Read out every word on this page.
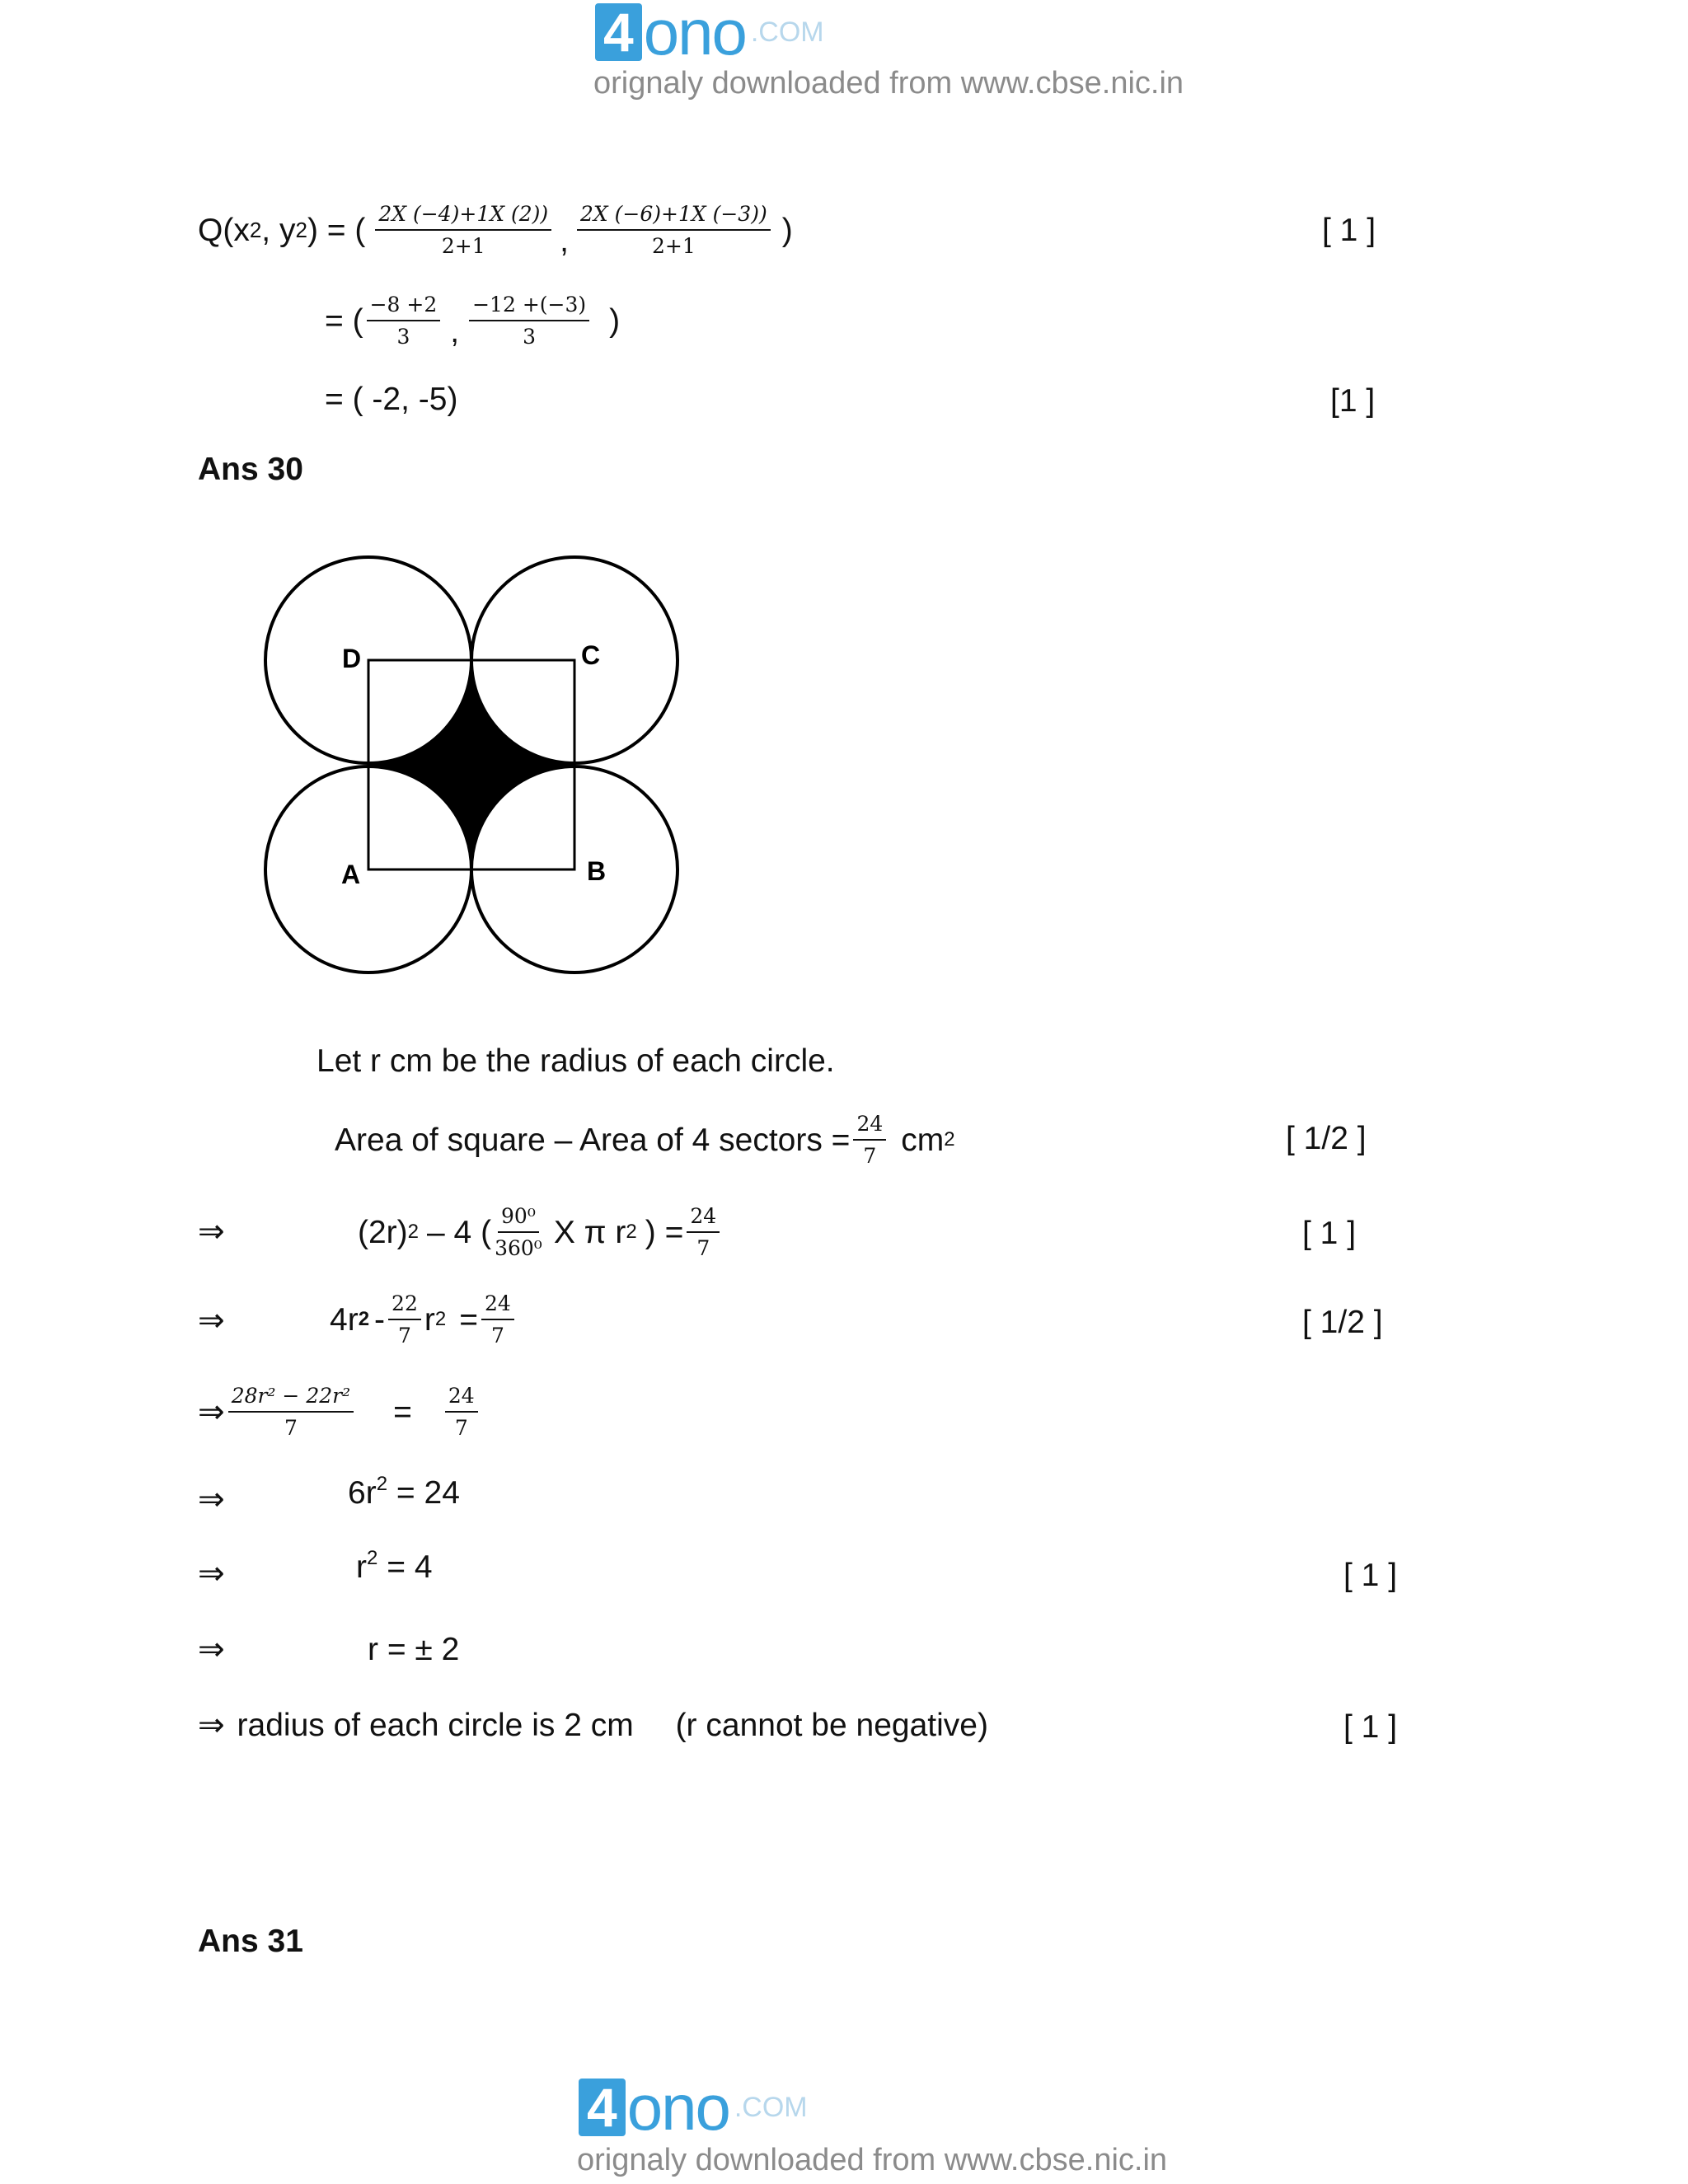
4 ono .COM
orignaly downloaded from www.cbse.nic.in
Q(x 2 , y 2 ) = ( $\frac{2X (-4)+1X (2))}{2+1}$ , $\frac{2X (-6)+1X (-3))}{2+1}$ )	[ 1 ]
= ( $\frac{-8 +2}{3}$ , $\frac{-12 +(-3)}{3}$ )
= ( -2, -5)	[1 ]
Ans 30
D	C
A	B
Let r cm be the radius of each circle.
Area of square – Area of 4 sectors = $\frac{24}{7}$ cm 2	[ 1/2 ]
⇒	(2r) 2 – 4 ( $\frac{\text{90⁰}}{\text{360⁰}}$ X π r 2 ) = $\frac{24}{7}$	[ 1 ]
⇒	4r $2 - \frac{22}{7}$ r $2 = \frac{24}{7}$	[ 1/2 ]
⇒ $\frac{\text{28r² − 22r²}}{7} = \frac{24}{7}$
⇒	$6r^2 = 24$
⇒	$r^2 = 4$	[ 1 ]
⇒	r = ± 2
⇒ radius of each circle is 2 cm (r cannot be negative)	[ 1 ]
Ans 31
4 ono .COM
orignaly downloaded from www.cbse.nic.in
